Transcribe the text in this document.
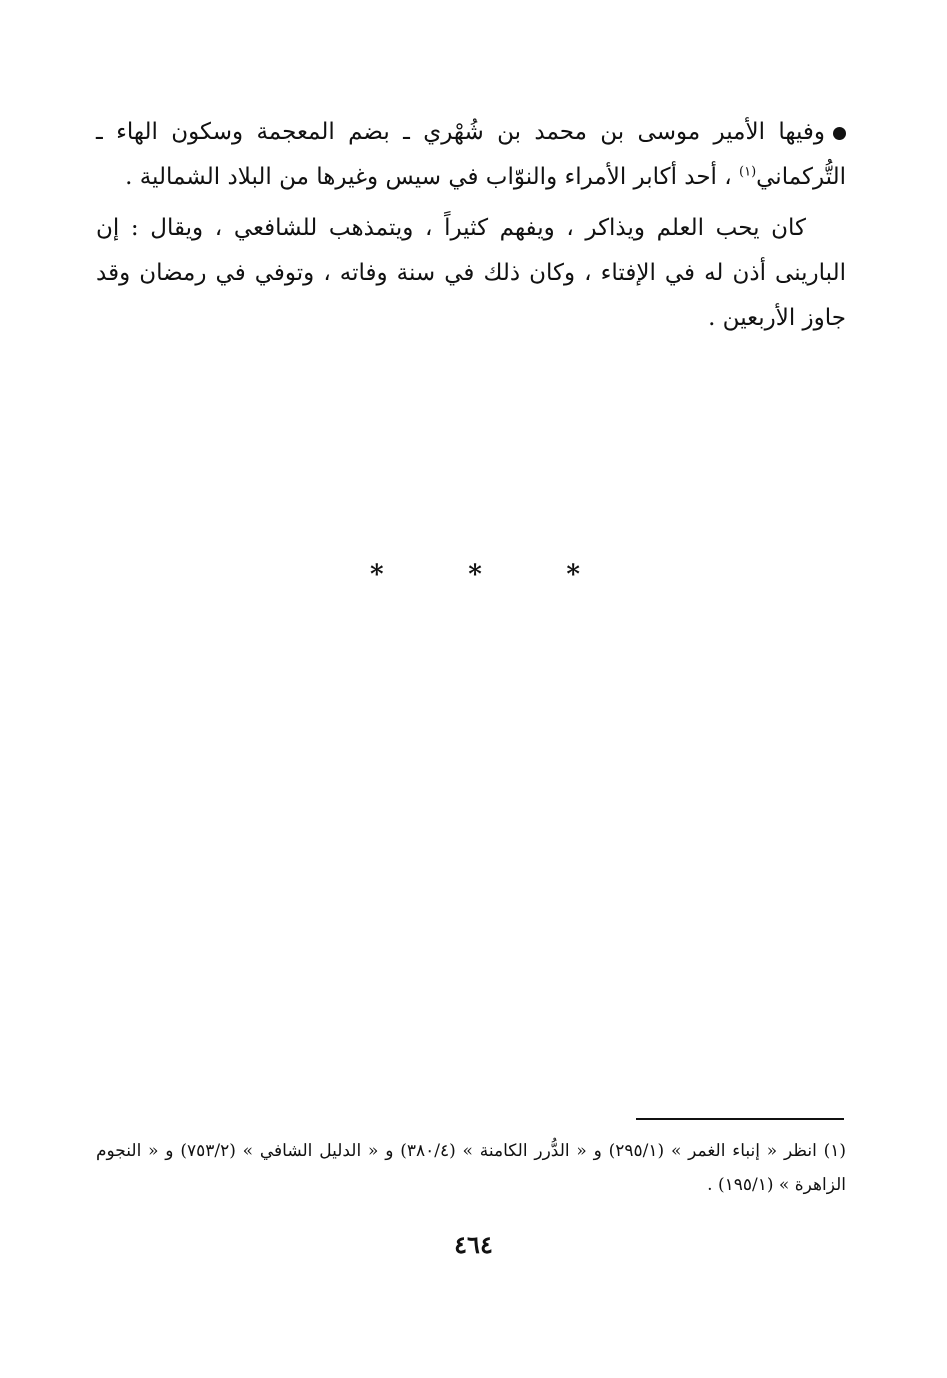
وفيها الأمير موسى بن محمد بن شُهْري ـ بضم المعجمة وسكون الهاء ـ التُّركماني$^{(١)}$ ، أحد أكابر الأمراء والنوّاب في سيس وغيرها من البلاد الشمالية .

كان يحب العلم ويذاكر ، ويفهم كثيراً ، ويتمذهب للشافعي ، ويقال : إن البارينى أذن له في الإفتاء ، وكان ذلك في سنة وفاته ، وتوفي في رمضان وقد جاوز الأربعين .

*
*
*

(١) انظر « إنباء الغمر » (٢٩٥/١) و « الدُّرر الكامنة » (٣٨٠/٤) و « الدليل الشافي » (٧٥٣/٢) و « النجوم الزاهرة » (١٩٥/١) .

٤٦٤
